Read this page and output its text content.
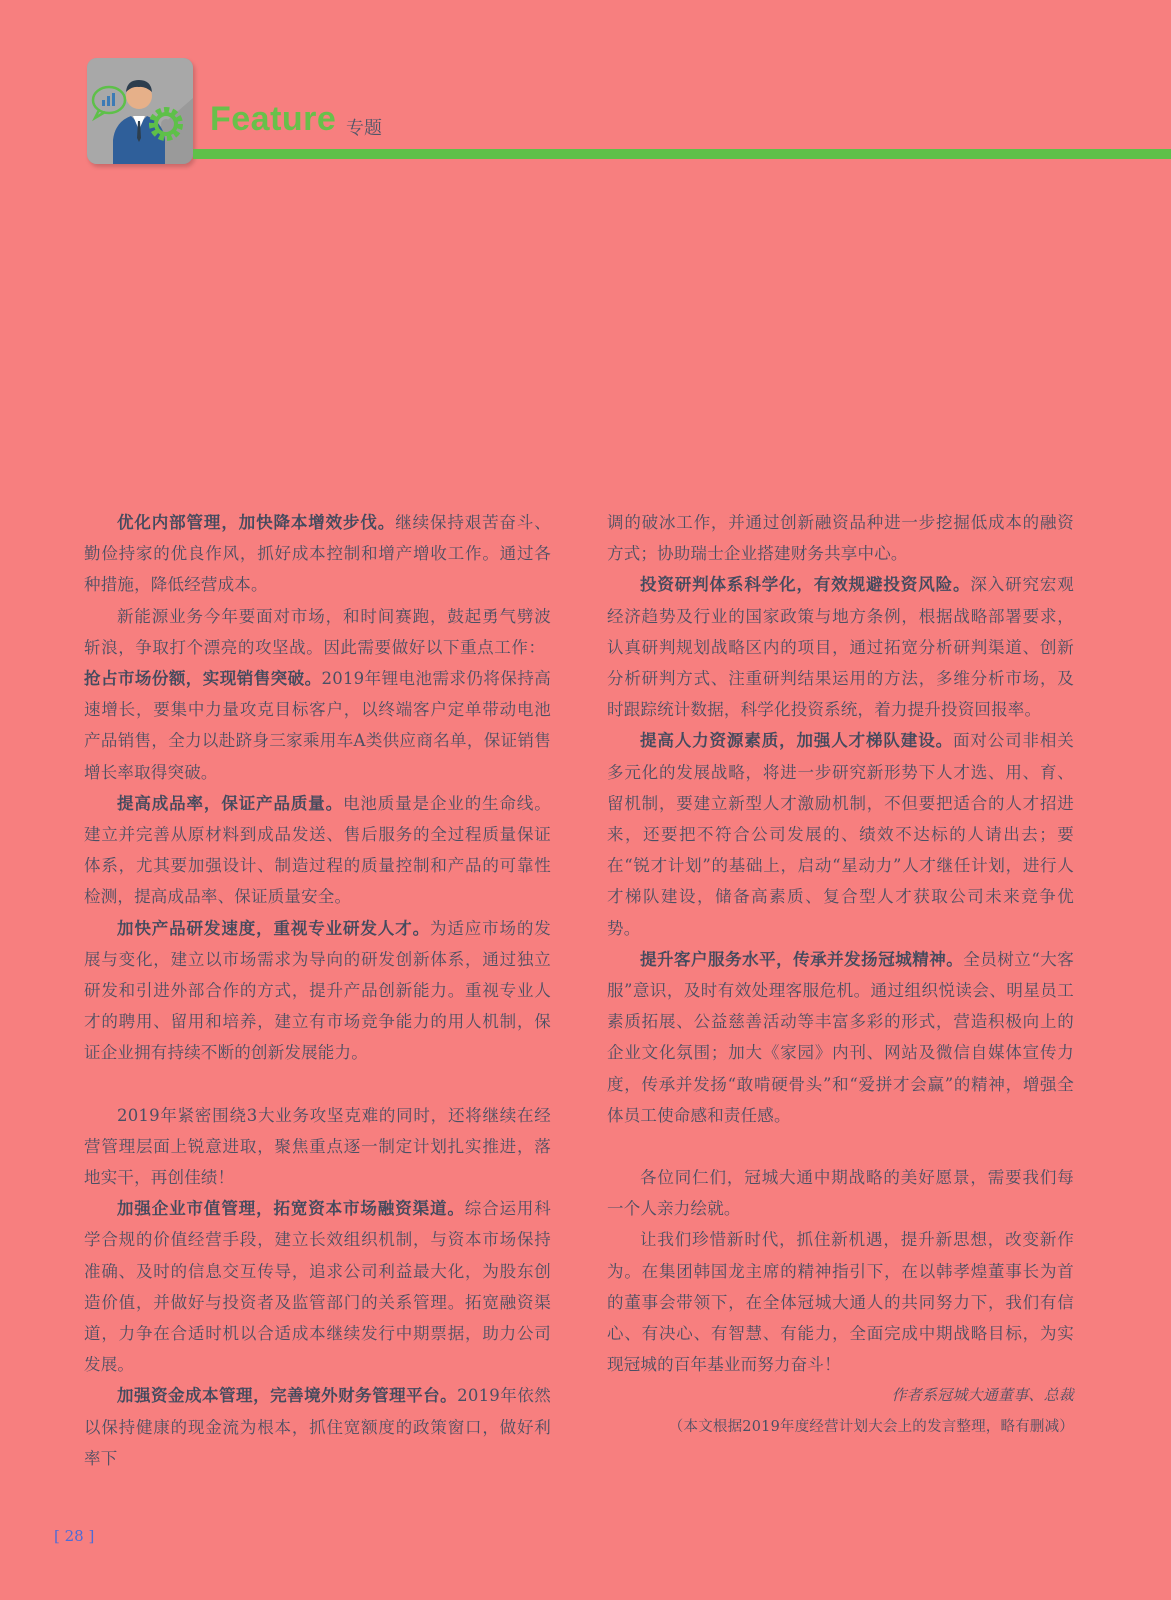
Feature 专题

优化内部管理，加快降本增效步伐。继续保持艰苦奋斗、勤俭持家的优良作风，抓好成本控制和增产增收工作。通过各种措施，降低经营成本。

新能源业务今年要面对市场，和时间赛跑，鼓起勇气劈波斩浪，争取打个漂亮的攻坚战。因此需要做好以下重点工作：  抢占市场份额，实现销售突破。2019年锂电池需求仍将保持高速增长，要集中力量攻克目标客户，以终端客户定单带动电池产品销售，全力以赴跻身三家乘用车A类供应商名单，保证销售增长率取得突破。

提高成品率，保证产品质量。电池质量是企业的生命线。建立并完善从原材料到成品发送、售后服务的全过程质量保证体系，尤其要加强设计、制造过程的质量控制和产品的可靠性检测，提高成品率、保证质量安全。

加快产品研发速度，重视专业研发人才。为适应市场的发展与变化，建立以市场需求为导向的研发创新体系，通过独立研发和引进外部合作的方式，提升产品创新能力。重视专业人才的聘用、留用和培养，建立有市场竞争能力的用人机制，保证企业拥有持续不断的创新发展能力。

2019年紧密围绕3大业务攻坚克难的同时，还将继续在经营管理层面上锐意进取，聚焦重点逐一制定计划扎实推进，落地实干，再创佳绩！

加强企业市值管理，拓宽资本市场融资渠道。综合运用科学合规的价值经营手段，建立长效组织机制，与资本市场保持准确、及时的信息交互传导，追求公司利益最大化，为股东创造价值，并做好与投资者及监管部门的关系管理。拓宽融资渠道，力争在合适时机以合适成本继续发行中期票据，助力公司发展。

加强资金成本管理，完善境外财务管理平台。2019年依然以保持健康的现金流为根本，抓住宽额度的政策窗口，做好利率下

调的破冰工作，并通过创新融资品种进一步挖掘低成本的融资方式；协助瑞士企业搭建财务共享中心。

投资研判体系科学化，有效规避投资风险。深入研究宏观经济趋势及行业的国家政策与地方条例，根据战略部署要求，认真研判规划战略区内的项目，通过拓宽分析研判渠道、创新分析研判方式、注重研判结果运用的方法，多维分析市场，及时跟踪统计数据，科学化投资系统，着力提升投资回报率。

提高人力资源素质，加强人才梯队建设。面对公司非相关多元化的发展战略，将进一步研究新形势下人才选、用、育、留机制，要建立新型人才激励机制，不但要把适合的人才招进来，还要把不符合公司发展的、绩效不达标的人请出去；要在“锐才计划”的基础上，启动“星动力”人才继任计划，进行人才梯队建设，储备高素质、复合型人才获取公司未来竞争优势。

提升客户服务水平，传承并发扬冠城精神。全员树立“大客服”意识，及时有效处理客服危机。通过组织悦读会、明星员工素质拓展、公益慈善活动等丰富多彩的形式，营造积极向上的企业文化氛围；加大《家园》内刊、网站及微信自媒体宣传力度，传承并发扬“敢啃硬骨头”和“爱拼才会赢”的精神，增强全体员工使命感和责任感。

各位同仁们，冠城大通中期战略的美好愿景，需要我们每一个人亲力绘就。

让我们珍惜新时代，抓住新机遇，提升新思想，改变新作为。在集团韩国龙主席的精神指引下，在以韩孝煌董事长为首的董事会带领下，在全体冠城大通人的共同努力下，我们有信心、有决心、有智慧、有能力，全面完成中期战略目标，为实现冠城的百年基业而努力奋斗！

作者系冠城大通董事、总裁

（本文根据2019年度经营计划大会上的发言整理，略有删减）

[ 28 ]
